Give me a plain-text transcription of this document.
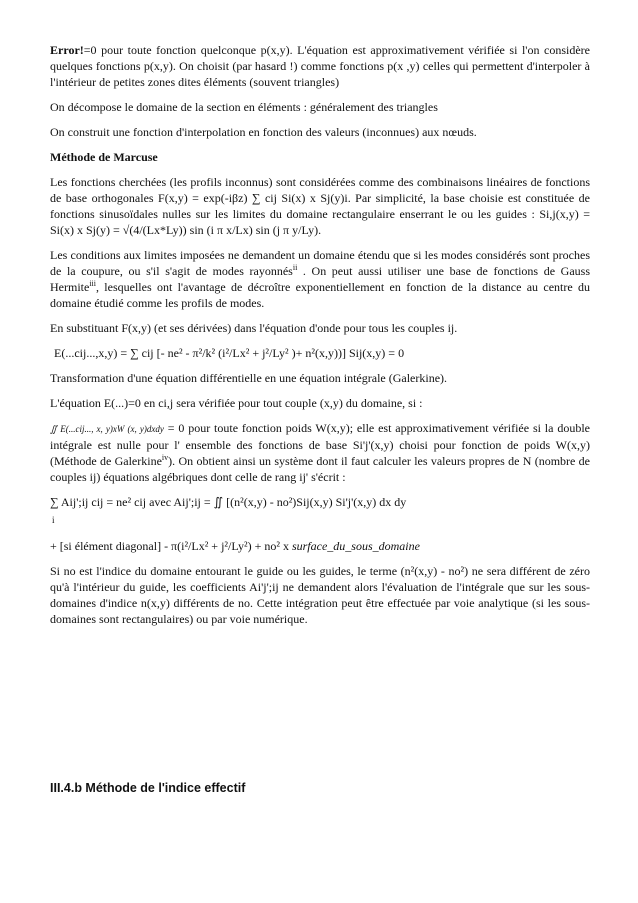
Error!=0 pour toute fonction quelconque p(x,y). L'équation est approximativement vérifiée si l'on considère quelques fonctions p(x,y). On choisit (par hasard !) comme fonctions p(x ,y) celles qui permettent d'interpoler à l'intérieur de petites zones dites éléments (souvent triangles)

On décompose le domaine de la section en éléments : généralement des triangles

On construit une fonction d'interpolation en fonction des valeurs (inconnues) aux nœuds.

Méthode de Marcuse

Les fonctions cherchées (les profils inconnus) sont considérées comme des combinaisons linéaires de fonctions de base orthogonales F(x,y) = exp(-iβz) ∑ cij Si(x) x Sj(y)i. Par simplicité, la base choisie est constituée de fonctions sinusoïdales nulles sur les limites du domaine rectangulaire enserrant le ou les guides : Si,j(x,y) = Si(x) x Sj(y) = √(4/(Lx*Ly)) sin (i π x/Lx) sin (j π y/Ly).

Les conditions aux limites imposées ne demandent un domaine étendu que si les modes considérés sont proches de la coupure, ou s'il s'agit de modes rayonnés$^{ii}$ . On peut aussi utiliser une base de fonctions de Gauss Hermite$^{iii}$, lesquelles ont l'avantage de décroître exponentiellement en fonction de la distance au centre du domaine étudié comme les profils de modes.

En substituant F(x,y) (et ses dérivées) dans l'équation d'onde pour tous les couples ij.

E(...cij...,x,y) = ∑ cij [- ne² - π²/k² (i²/Lx² + j²/Ly² )+ n²(x,y))] Sij(x,y) = 0

Transformation d'une équation différentielle en une équation intégrale (Galerkine).

L'équation E(...)=0 en ci,j sera vérifiée pour tout couple (x,y) du domaine, si :

∬ E(...cij..., x, y)xW (x, y)dxdy = 0 pour toute fonction poids W(x,y); elle est approximativement vérifiée si la double intégrale est nulle pour l' ensemble des fonctions de base Si'j'(x,y) choisi pour fonction de poids W(x,y) (Méthode de Galerkine$^{iv}$). On obtient ainsi un système dont il faut calculer les valeurs propres de N (nombre de couples ij) équations algébriques dont celle de rang ij' s'écrit :

∑ Aij';ij cij = ne² cij avec Aij';ij = ∬ [(n²(x,y) - no²)Sij(x,y) Si'j'(x,y) dx dy

i

+ [si élément diagonal] - π(i²/Lx² + j²/Ly²) + no² x surface_du_sous_domaine

Si no est l'indice du domaine entourant le guide ou les guides, le terme (n²(x,y) - no²) ne sera différent de zéro qu'à l'intérieur du guide, les coefficients Ai'j';ij ne demandent alors l'évaluation de l'intégrale que sur les sous-domaines d'indice n(x,y) différents de no. Cette intégration peut être effectuée par voie analytique (si les sous-domaines sont rectangulaires) ou par voie numérique.

III.4.b Méthode de l'indice effectif
